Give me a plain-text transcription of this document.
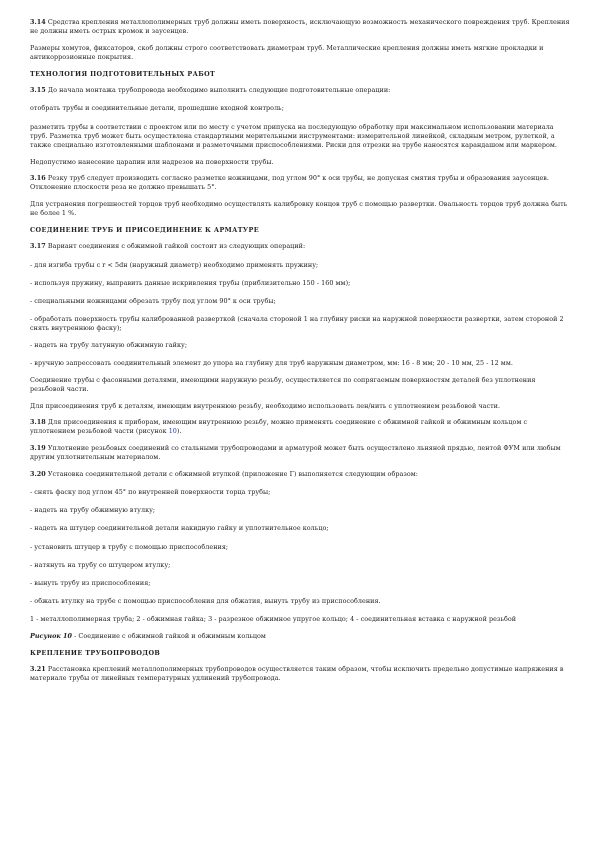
3.14 Средства крепления металлополимерных труб должны иметь поверхность, исключающую возможность механического повреждения труб. Крепления не должны иметь острых кромок и заусенцев.

Размеры хомутов, фиксаторов, скоб должны строго соответствовать диаметрам труб. Металлические крепления должны иметь мягкие прокладки и антикоррозионные покрытия.

ТЕХНОЛОГИЯ ПОДГОТОВИТЕЛЬНЫХ РАБОТ

3.15 До начала монтажа трубопровода необходимо выполнить следующие подготовительные операции:

отобрать трубы и соединительные детали, прошедшие входной контроль;

разметить трубы в соответствии с проектом или по месту с учетом припуска на последующую обработку при максимальном использовании материала труб. Разметка труб может быть осуществлена стандартными мерительными инструментами: измерительной линейкой, складным метром, рулеткой, а также специально изготовленными шаблонами и разметочными приспособлениями. Риски для отрезки на трубе наносятся карандашом или маркером.

Недопустимо нанесение царапин или надрезов на поверхности трубы.

3.16 Резку труб следует производить согласно разметке ножницами, под углом 90° к оси трубы, не допуская смятия трубы и образования заусенцев. Отклонение плоскости реза не должно превышать 5°.

Для устранения погрешностей торцов труб необходимо осуществлять калибровку концов труб с помощью развертки. Овальность торцов труб должна быть не более 1 %.

СОЕДИНЕНИЕ ТРУБ И ПРИСОЕДИНЕНИЕ К АРМАТУРЕ

3.17 Вариант соединения с обжимной гайкой состоит из следующих операций:

- для изгиба трубы с r < 5dн (наружный диаметр) необходимо применять пружину;

- используя пружину, выправить данные искривления трубы (приблизительно 150 - 160 мм);

- специальными ножницами обрезать трубу под углом 90° к оси трубы;

- обработать поверхность трубы калиброванной разверткой (сначала стороной 1 на глубину риски на наружной поверхности развертки, затем стороной 2 снять внутреннюю фаску);

- надеть на трубу латунную обжимную гайку;

- вручную запрессовать соединительный элемент до упора на глубину для труб наружным диаметром, мм: 16 - 8 мм; 20 - 10 мм, 25 - 12 мм.

Соединение трубы с фасонными деталями, имеющими наружную резьбу, осуществляется по сопрягаемым поверхностям деталей без уплотнения резьбовой части.

Для присоединения труб к деталям, имеющим внутреннюю резьбу, необходимо использовать лен/нить с уплотнением резьбовой части.

3.18 Для присоединения к приборам, имеющим внутреннюю резьбу, можно применять соединение с обжимной гайкой и обжимным кольцом с уплотнением резьбовой части (рисунок 10).

3.19 Уплотнение резьбовых соединений со стальными трубопроводами и арматурой может быть осуществлено льняной прядью, лентой ФУМ или любым другим уплотнительным материалом.

3.20 Установка соединительной детали с обжимной втулкой (приложение Г) выполняется следующим образом:

- снять фаску под углом 45° по внутренней поверхности торца трубы;

- надеть на трубу обжимную втулку;

- надеть на штуцер соединительной детали накидную гайку и уплотнительное кольцо;

- установить штуцер в трубу с помощью приспособления;

- натянуть на трубу со штуцером втулку;

- вынуть трубу из приспособления;

- обжать втулку на трубе с помощью приспособления для обжатия, вынуть трубу из приспособления.

1 - металлополимерная труба; 2 - обжимная гайка; 3 - разрезное обжимное упругое кольцо; 4 - соединительная вставка с наружной резьбой

Рисунок 10 - Соединение с обжимной гайкой и обжимным кольцом

КРЕПЛЕНИЕ ТРУБОПРОВОДОВ

3.21 Расстановка креплений металлополимерных трубопроводов осуществляется таким образом, чтобы исключить предельно допустимые напряжения в материале трубы от линейных температурных удлинений трубопровода.
